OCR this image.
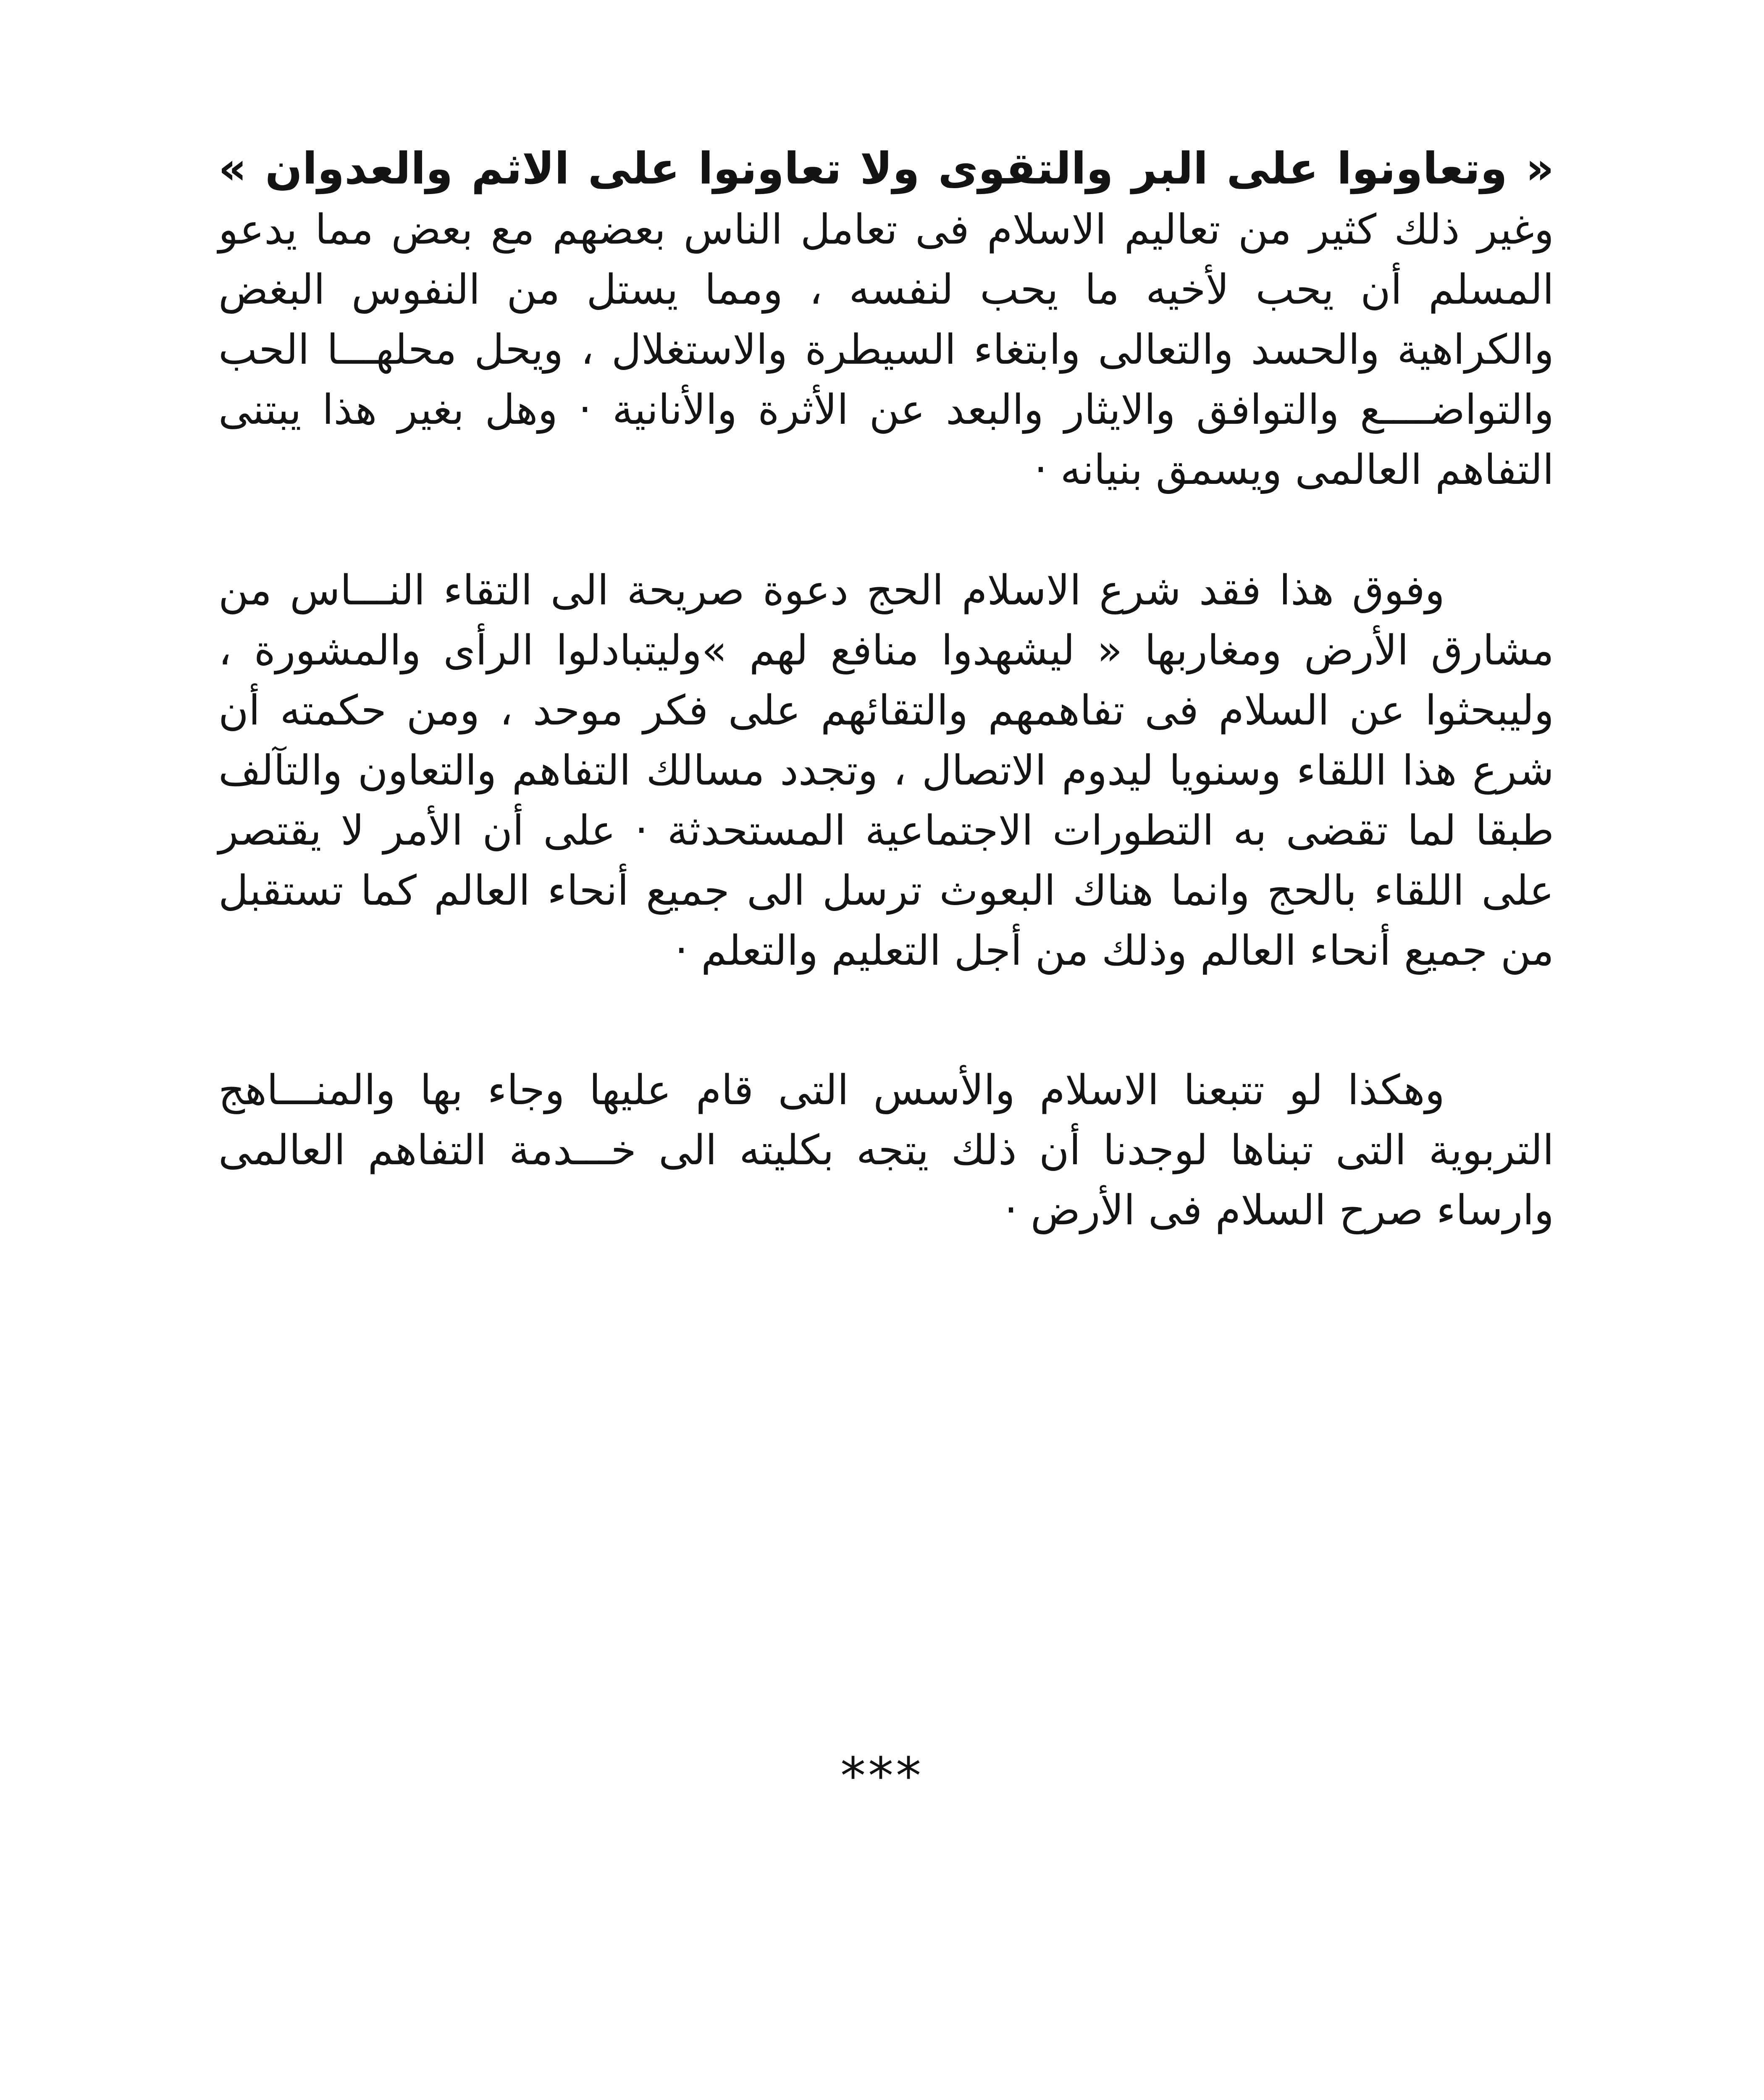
« وتعاونوا على البر والتقوى ولا تعاونوا على الاثم والعدوان » وغير ذلك كثير من تعاليم الاسلام فى تعامل الناس بعضهم مع بعض مما يدعو المسلم أن يحب لأخيه ما يحب لنفسه ، ومما يستل من النفوس البغض والكراهية والحسد والتعالى وابتغاء السيطرة والاستغلال ، ويحل محلهـــا الحب والتواضــــع والتوافق والايثار والبعد عن الأثرة والأنانية · وهل بغير هذا يبتنى التفاهم العالمى ويسمق بنيانه ·

وفوق هذا فقد شرع الاسلام الحج دعوة صريحة الى التقاء النـــاس من مشارق الأرض ومغاربها « ليشهدوا منافع لهم »وليتبادلوا الرأى والمشورة ، وليبحثوا عن السلام فى تفاهمهم والتقائهم على فكر موحد ، ومن حكمته أن شرع هذا اللقاء وسنويا ليدوم الاتصال ، وتجدد مسالك التفاهم والتعاون والتآلف طبقا لما تقضى به التطورات الاجتماعية المستحدثة · على أن الأمر لا يقتصر على اللقاء بالحج وانما هناك البعوث ترسل الى جميع أنحاء العالم كما تستقبل من جميع أنحاء العالم وذلك من أجل التعليم والتعلم ·

وهكذا لو تتبعنا الاسلام والأسس التى قام عليها وجاء بها والمنـــاهج التربوية التى تبناها لوجدنا أن ذلك يتجه بكليته الى خـــدمة التفاهم العالمى وارساء صرح السلام فى الأرض ·

***
